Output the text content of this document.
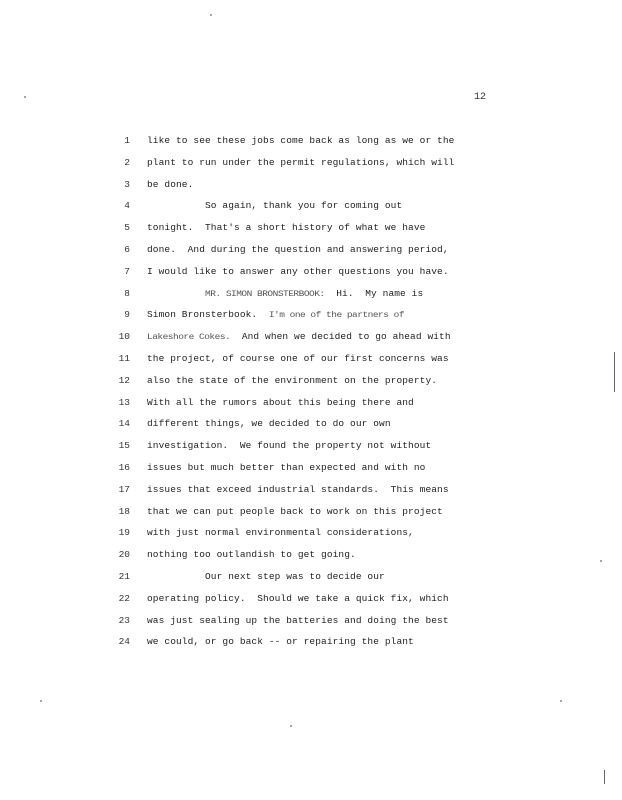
12
1 like to see these jobs come back as long as we or the
2 plant to run under the permit regulations, which will
3 be done.
4 So again, thank you for coming out
5 tonight.  That's a short history of what we have
6 done.  And during the question and answering period,
7 I would like to answer any other questions you have.
8	MR. SIMON BRONSTERBOOK:  Hi.  My name is
9 Simon Bronsterbook.  I'm one of the partners of
10 Lakeshore Cokes.  And when we decided to go ahead with
11 the project, of course one of our first concerns was
12 also the state of the environment on the property.
13 With all the rumors about this being there and
14 different things, we decided to do our own
15 investigation.  We found the property not without
16 issues but much better than expected and with no
17 issues that exceed industrial standards.  This means
18 that we can put people back to work on this project
19 with just normal environmental considerations,
20 nothing too outlandish to get going.
21 Our next step was to decide our
22 operating policy.  Should we take a quick fix, which
23 was just sealing up the batteries and doing the best
24 we could, or go back -- or repairing the plant
